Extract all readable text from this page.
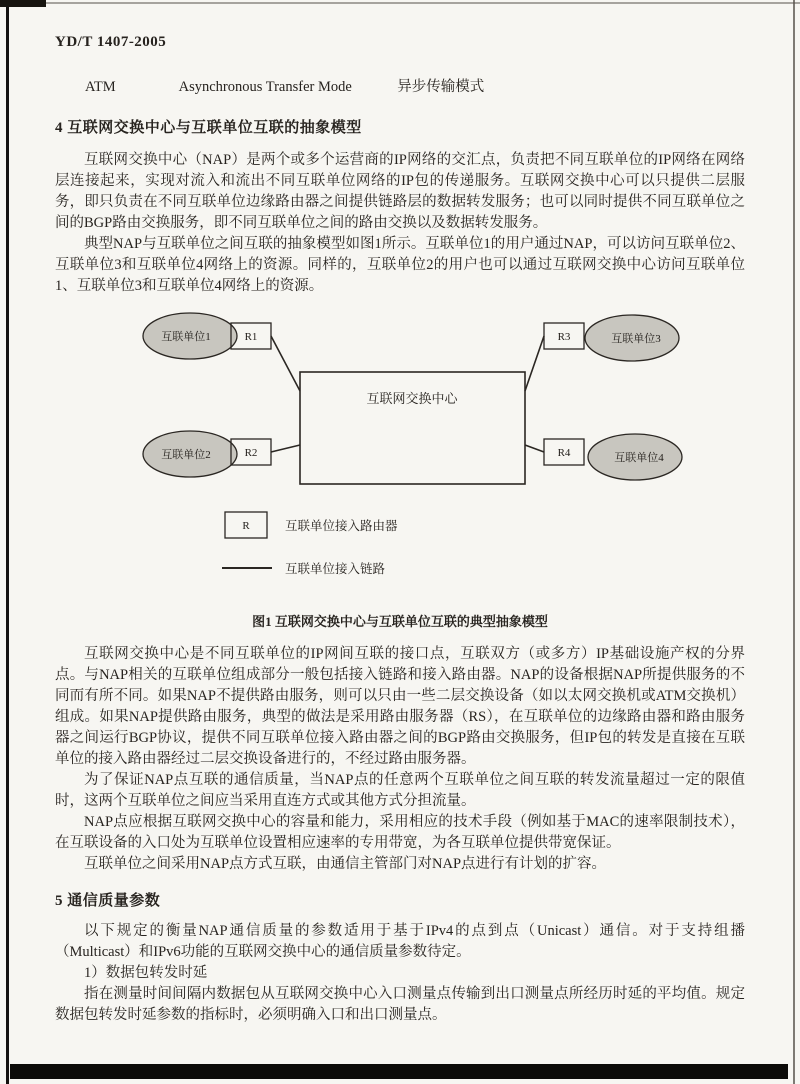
YD/T 1407-2005
ATM	Asynchronous Transfer Mode	异步传输模式
4 互联网交换中心与互联单位互联的抽象模型

互联网交换中心（NAP）是两个或多个运营商的IP网络的交汇点，负责把不同互联单位的IP网络在网络层连接起来，实现对流入和流出不同互联单位网络的IP包的传递服务。互联网交换中心可以只提供二层服务，即只负责在不同互联单位边缘路由器之间提供链路层的数据转发服务；也可以同时提供不同互联单位之间的BGP路由交换服务，即不同互联单位之间的路由交换以及数据转发服务。

典型NAP与互联单位之间互联的抽象模型如图1所示。互联单位1的用户通过NAP，可以访问互联单位2、互联单位3和互联单位4网络上的资源。同样的，互联单位2的用户也可以通过互联网交换中心访问互联单位1、互联单位3和互联单位4网络上的资源。

互联网交换中心
互联单位1	R1	互联单位3
R3
互联单位2	R2	互联单位4
R4
R	互联单位接入路由器
互联单位接入链路
图1 互联网交换中心与互联单位互联的典型抽象模型

互联网交换中心是不同互联单位的IP网间互联的接口点，互联双方（或多方）IP基础设施产权的分界点。与NAP相关的互联单位组成部分一般包括接入链路和接入路由器。NAP的设备根据NAP所提供服务的不同而有所不同。如果NAP不提供路由服务，则可以只由一些二层交换设备（如以太网交换机或ATM交换机）组成。如果NAP提供路由服务，典型的做法是采用路由服务器（RS），在互联单位的边缘路由器和路由服务器之间运行BGP协议，提供不同互联单位接入路由器之间的BGP路由交换服务，但IP包的转发是直接在互联单位的接入路由器经过二层交换设备进行的，不经过路由服务器。

为了保证NAP点互联的通信质量，当NAP点的任意两个互联单位之间互联的转发流量超过一定的限值时，这两个互联单位之间应当采用直连方式或其他方式分担流量。

NAP点应根据互联网交换中心的容量和能力，采用相应的技术手段（例如基于MAC的速率限制技术），在互联设备的入口处为互联单位设置相应速率的专用带宽，为各互联单位提供带宽保证。

互联单位之间采用NAP点方式互联，由通信主管部门对NAP点进行有计划的扩容。

5 通信质量参数

以下规定的衡量NAP通信质量的参数适用于基于IPv4的点到点（Unicast）通信。对于支持组播（Multicast）和IPv6功能的互联网交换中心的通信质量参数待定。

1）数据包转发时延

指在测量时间间隔内数据包从互联网交换中心入口测量点传输到出口测量点所经历时延的平均值。规定数据包转发时延参数的指标时，必须明确入口和出口测量点。
